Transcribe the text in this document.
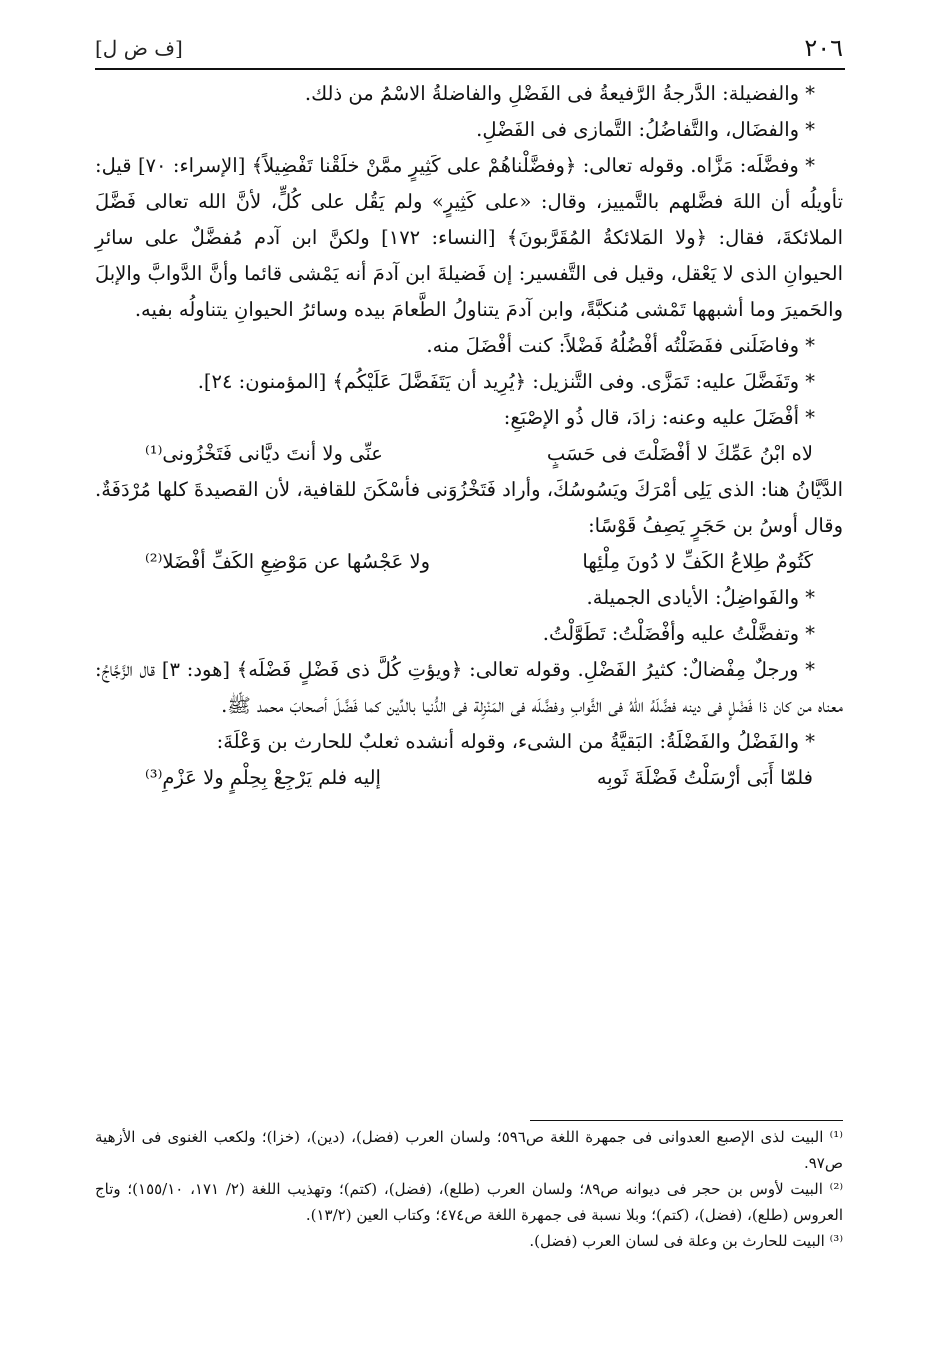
٢٠٦
[ف ض ل]

* والفضيلة: الدَّرجةُ الرَّفيعةُ فى الفَضْلِ والفاضلةُ الاسْمُ من ذلك.

* والفضَال، والتَّفاضُلُ: التَّمازى فى الفَضْلِ.

* وفضَّلَه: مَزَّاه. وقوله تعالى: ﴿وفضَّلْناهُمْ على كَثِيرٍ ممَّنْ خلَقْنا تَفْضِيلاً﴾ [الإسراء: ٧٠] قيل: تأويلُه أن اللهَ فضَّلهم بالتَّمييز، وقال: «على كَثِيرٍ» ولم يَقُل على كُلٍّ، لأنَّ الله تعالى فَضَّلَ الملائكةَ، فقال: ﴿ولا المَلائكةُ المُقَرَّبونَ﴾ [النساء: ١٧٢] ولكنَّ ابن آدم مُفضَّلٌ على سائرِ الحيوانِ الذى لا يَعْقل، وقيل فى التَّفسير: إن فَضيلةَ ابن آدمَ أنه يَمْشى قائما وأنَّ الدَّوابَّ والإبلَ والحَميرَ وما أشبهها تَمْشى مُنكبَّةً، وابن آدمَ يتناولُ الطَّعامَ بيده وسائرُ الحيوانِ يتناولُه بفيه.

* وفاضَلَنى ففَضَلْتُه أفْضُلُهُ فَضْلاً: كنت أفْضَلَ منه.

* وتَفَضَّلَ عليه: تَمَزَّى. وفى التَّنزيل: ﴿يُرِيد أن يَتَفَضَّلَ عَلَيْكُم﴾ [المؤمنون: ٢٤].

* أفْضَلَ عليه وعنه: زادَ، قال ذُو الإصْبَعِ:

لاه ابْنُ عَمِّكَ لا أفْضَلْتَ فى حَسَبٍ
عنِّى ولا أنتَ ديَّانى فَتَخْزُونى⁽¹⁾

الدَّيَّانُ هنا: الذى يَلِى أمْرَكَ ويَسُوسُكَ، وأراد فَتَخْزُوَنى فأسْكَنَ للقافية، لأن القصيدةَ كلها مُرْدَفَةٌ. وقال أوسُ بن حَجَرٍ يَصِفُ قَوْسًا:

كَتُومٌ طِلاعُ الكَفِّ لا دُونَ مِلْئِها
ولا عَجْسُها عن مَوْضِعِ الكَفِّ أفْضَلا⁽²⁾

* والفَواضِلُ: الأيادى الجميلة.

* وتفضَّلْتُ عليه وأفْضَلْتُ: تَطَوَّلْتُ.

* ورجلٌ مِفْضالٌ: كثيرُ الفَضْلِ. وقوله تعالى: ﴿ويؤتِ كُلَّ ذى فَضْلٍ فَضْلَه﴾ [هود: ٣] قال الزَّجَّاجُ: معناه من كان ذا فَضْلٍ فى دينه فضَّلَهُ اللهُ فى الثَّوابِ وفضَّلَه فى المَنْزِلة فى الدُّنيا بالدِّين كما فَضَّلَ أصحابَ محمد ﷺ.

* والفَضْلُ والفَضْلَةُ: البَقيَّةُ من الشىء، وقوله أنشده ثعلبٌ للحارث بن وَعْلَةَ:

فلمّا أَبَى أرْسَلْتُ فَضْلَةَ ثَوبِه
إليه فلم يَرْجِعْ بِحِلْمٍ ولا عَزْمِ⁽³⁾

⁽¹⁾ البيت لذى الإصبع العدوانى فى جمهرة اللغة ص٥٩٦؛ ولسان العرب (فضل)، (دين)، (خزا)؛ ولكعب الغنوى فى الأزهية ص٩٧.

⁽²⁾ البيت لأوس بن حجر فى ديوانه ص٨٩؛ ولسان العرب (طلع)، (فضل)، (كتم)؛ وتهذيب اللغة (٢/ ١٧١، ١٥٥/١٠)؛ وتاج العروس (طلع)، (فضل)، (كتم)؛ وبلا نسبة فى جمهرة اللغة ص٤٧٤؛ وكتاب العين (١٣/٢).

⁽³⁾ البيت للحارث بن وعلة فى لسان العرب (فضل).
